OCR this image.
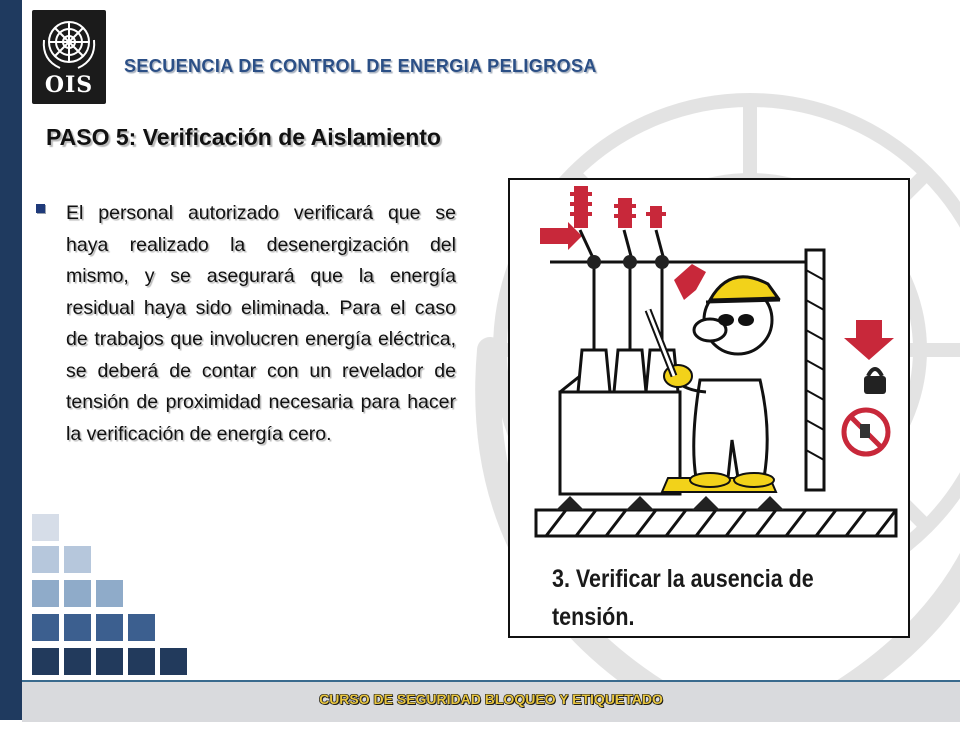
OIS
SECUENCIA DE CONTROL DE ENERGIA PELIGROSA
PASO 5: Verificación de Aislamiento
El personal autorizado verificará que se haya realizado la desenergización del mismo, y se asegurará que la energía residual haya sido eliminada. Para el caso de trabajos que involucren energía eléctrica, se deberá de contar con un revelador de tensión de proximidad necesaria para hacer la verificación de energía cero.
3. Verificar la ausencia de tensión.
CURSO DE SEGURIDAD BLOQUEO Y ETIQUETADO
